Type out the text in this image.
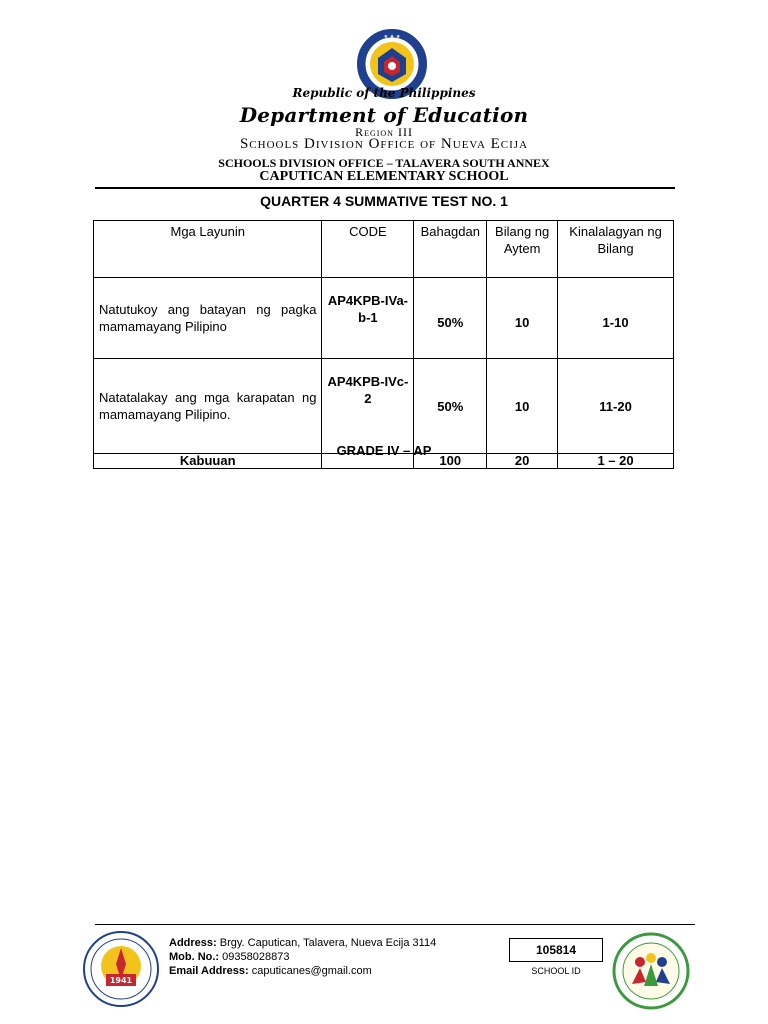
★ ★ ★
Republic of the Philippines
Department of Education
Region III
Schools Division Office of Nueva Ecija
SCHOOLS DIVISION OFFICE – TALAVERA SOUTH ANNEX
CAPUTICAN ELEMENTARY SCHOOL
QUARTER 4 SUMMATIVE TEST NO. 1
Mga Layunin	CODE	Bahagdan	Bilang ng Aytem	Kinalalagyan ng Bilang
Natutukoy ang batayan ng pagka mamamayang Pilipino	AP4KPB-IVa-b-1	50%	10	1-10
Natatalakay ang mga karapatan ng mamamayang Pilipino.	AP4KPB-IVc-2	50%	10	11-20
Kabuuan		100	20	1 – 20
GRADE IV – AP
1941
Address: Brgy. Caputican, Talavera, Nueva Ecija 3114
Mob. No.: 09358028873
Email Address: caputicanes@gmail.com
105814
SCHOOL ID
